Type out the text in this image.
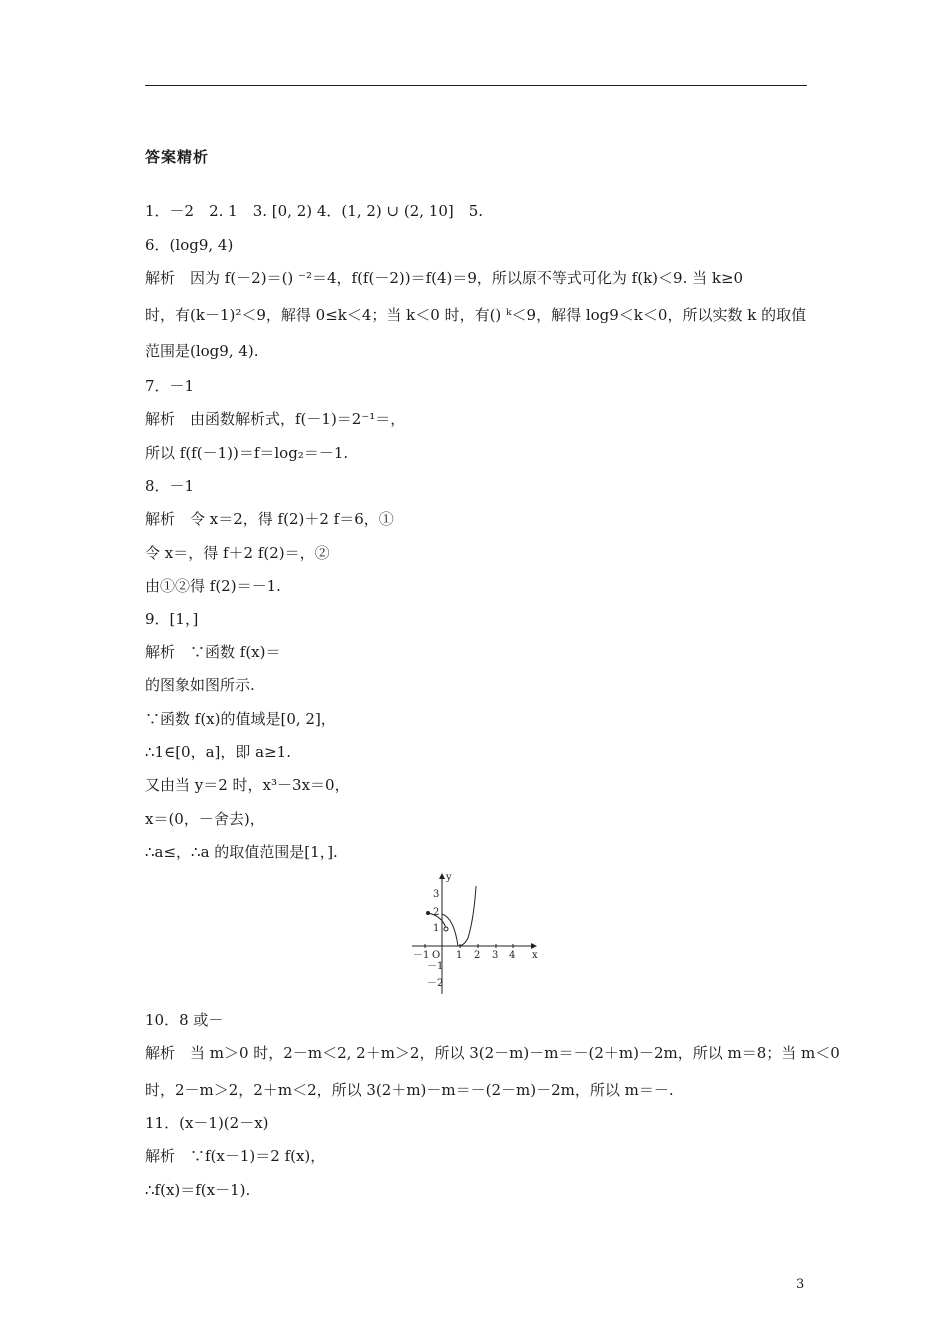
答案精析
1．－2　2. 1　3. [0, 2) 4．(1, 2) ∪ (2, 10]　5.
6．(log9, 4)
解析　因为 f(－2)＝() ⁻²＝4，f(f(－2))＝f(4)＝9，所以原不等式可化为 f(k)＜9. 当 k≥0
时，有(k－1)²＜9，解得 0≤k＜4；当 k＜0 时，有() ᵏ＜9，解得 log9＜k＜0，所以实数 k 的取值
范围是(log9, 4).
7．－1
解析　由函数解析式，f(－1)＝2⁻¹＝，
所以 f(f(－1))＝f＝log₂＝－1.
8．－1
解析　令 x＝2，得 f(2)＋2 f＝6，①
令 x＝，得 f＋2 f(2)＝，②
由①②得 f(2)＝－1.
9．[1，]
解析　∵函数 f(x)＝
的图象如图所示.
∵函数 f(x)的值域是[0, 2]，
∴1∈[0，a]，即 a≥1.
又由当 y＝2 时，x³－3x＝0，
x＝(0，－舍去)，
∴a≤，∴a 的取值范围是[1，].
x
y
O
－1	1 2 3 4
3
2
1
－1
－2
10．8 或－
解析　当 m＞0 时，2－m＜2, 2＋m＞2，所以 3(2－m)－m＝－(2＋m)－2m，所以 m＝8；当 m＜0
时，2－m＞2，2＋m＜2，所以 3(2＋m)－m＝－(2－m)－2m，所以 m＝－.
11．(x－1)(2－x)
解析　∵f(x－1)＝2 f(x)，
∴f(x)＝f(x－1).
3
